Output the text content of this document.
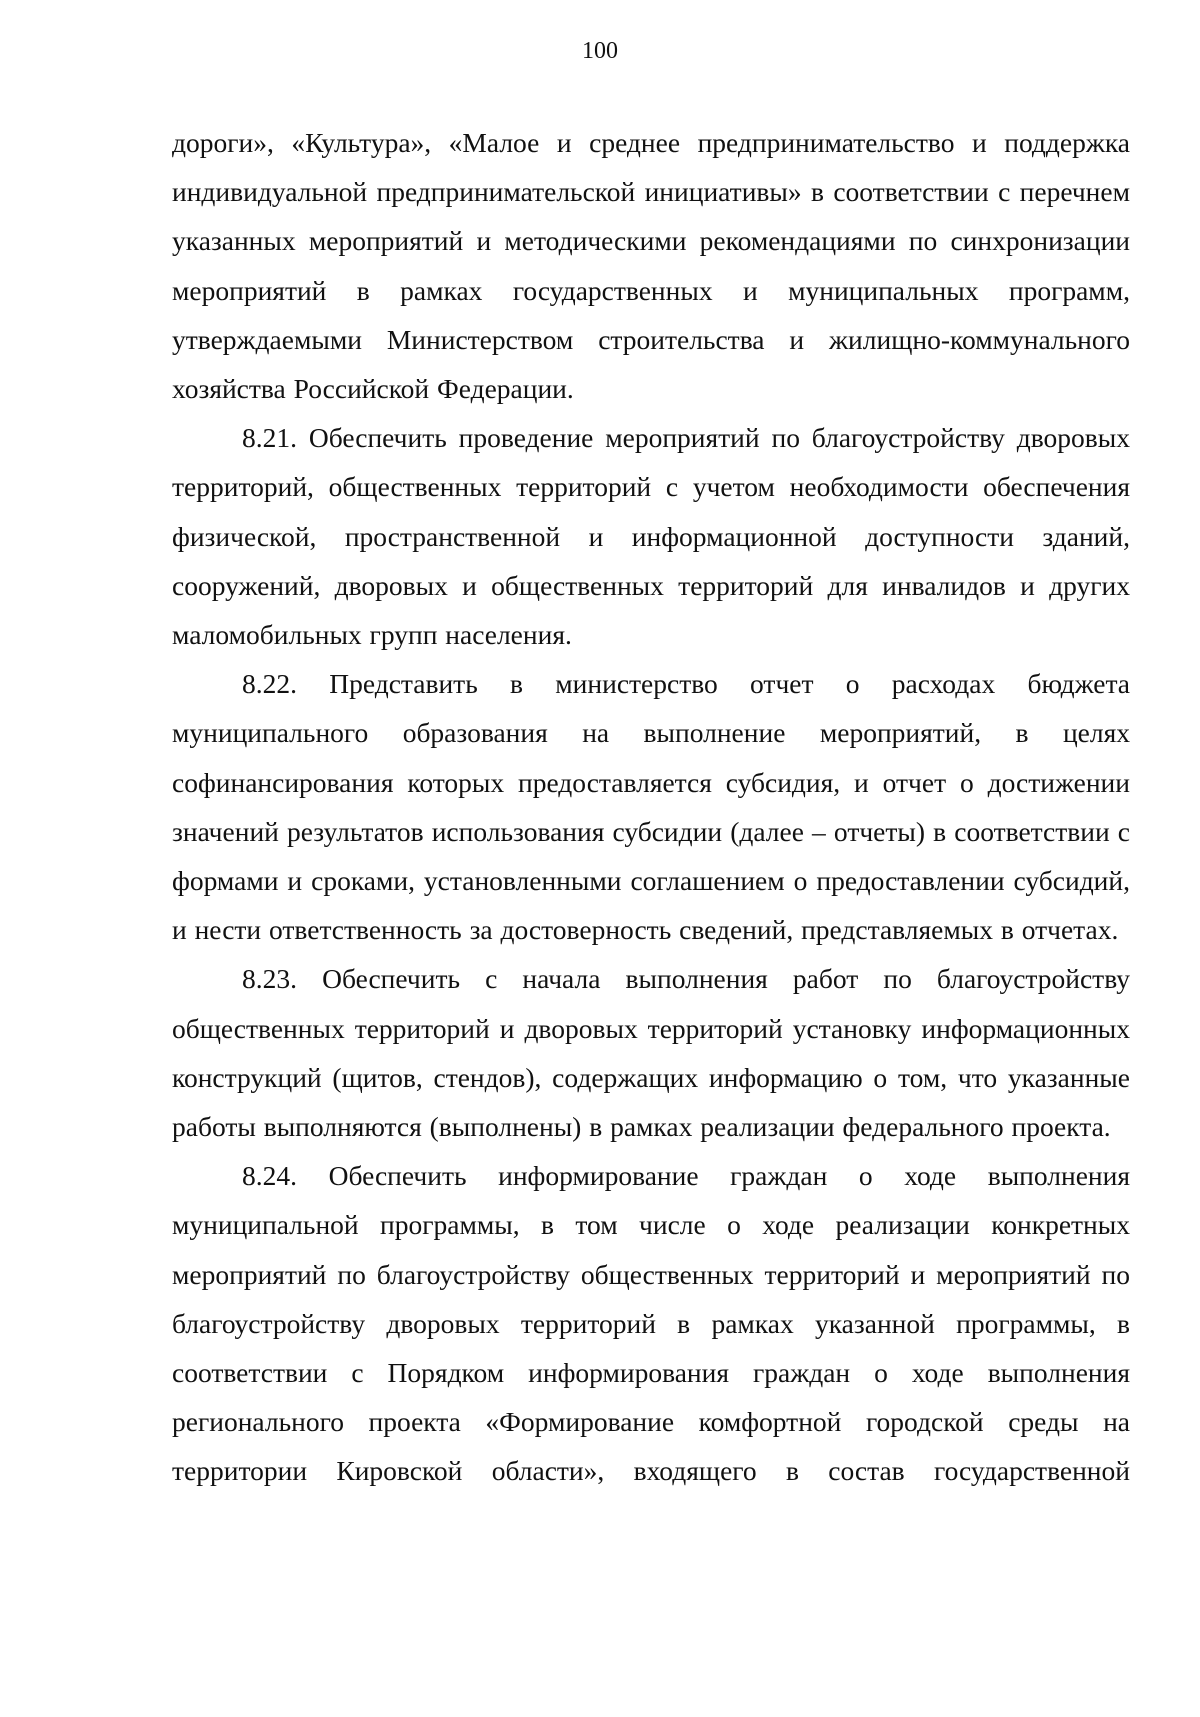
100

дороги», «Культура», «Малое и среднее предпринимательство и поддержка индивидуальной предпринимательской инициативы» в соответствии с перечнем указанных мероприятий и методическими рекомендациями по синхронизации мероприятий в рамках государственных и муниципальных программ, утверждаемыми Министерством строительства и жилищно-коммунального хозяйства Российской Федерации.

8.21. Обеспечить проведение мероприятий по благоустройству дворовых территорий, общественных территорий с учетом необходимости обеспечения физической, пространственной и информационной доступности зданий, сооружений, дворовых и общественных территорий для инвалидов и других маломобильных групп населения.

8.22. Представить в министерство отчет о расходах бюджета муниципального образования на выполнение мероприятий, в целях софинансирования которых предоставляется субсидия, и отчет о достижении значений результатов использования субсидии (далее – отчеты) в соответствии с формами и сроками, установленными соглашением о предоставлении субсидий, и нести ответственность за достоверность сведений, представляемых в отчетах.

8.23. Обеспечить с начала выполнения работ по благоустройству общественных территорий и дворовых территорий установку информационных конструкций (щитов, стендов), содержащих информацию о том, что указанные работы выполняются (выполнены) в рамках реализации федерального проекта.

8.24. Обеспечить информирование граждан о ходе выполнения муниципальной программы, в том числе о ходе реализации конкретных мероприятий по благоустройству общественных территорий и мероприятий по благоустройству дворовых территорий в рамках указанной программы, в соответствии с Порядком информирования граждан о ходе выполнения регионального проекта «Формирование комфортной городской среды на территории Кировской области», входящего в состав государственной
